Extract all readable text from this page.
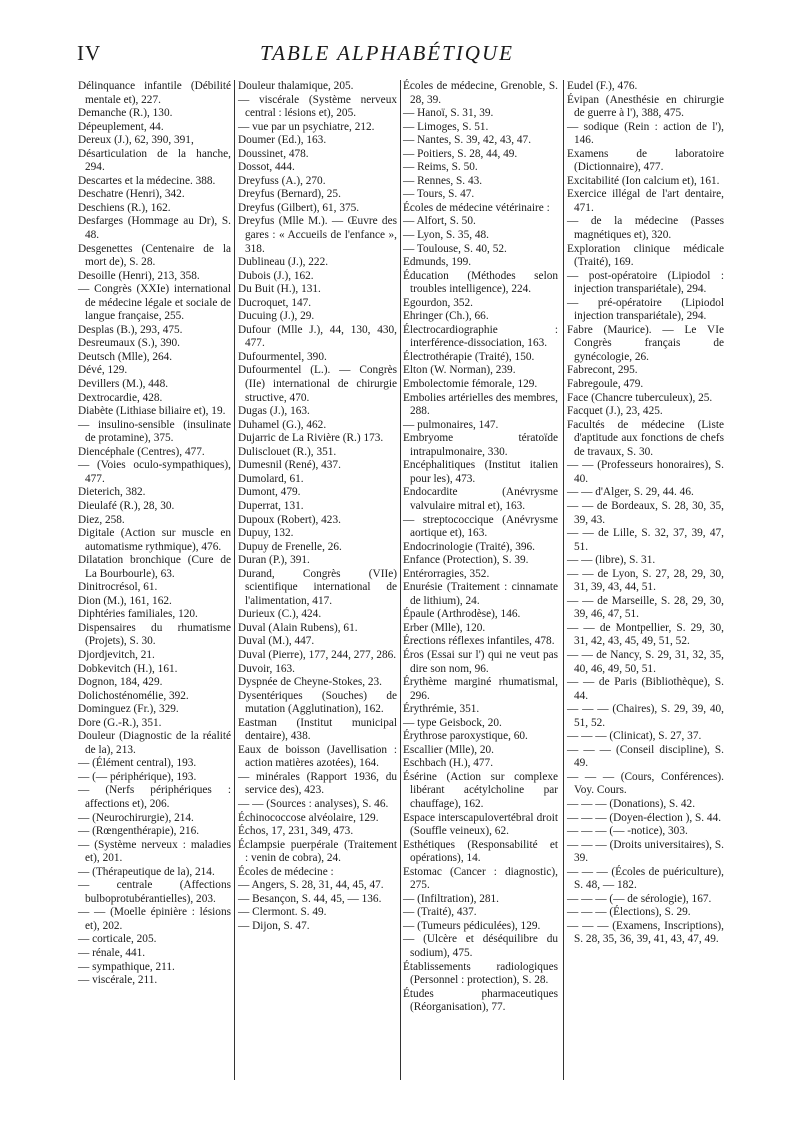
IV	TABLE ALPHABÉTIQUE
Délinquance infantile (Débilité mentale et), 227.
Demanche (R.), 130.
Dépeuplement, 44.
Dereux (J.), 62, 390, 391,
Désarticulation de la hanche, 294.
Descartes et la médecine. 388.
Deschatre (Henri), 342.
Deschiens (R.), 162.
Desfarges (Hommage au Dr), S. 48.
Desgenettes (Centenaire de la mort de), S. 28.
Desoille (Henri), 213, 358.
— Congrès (XXIe) international de médecine légale et sociale de langue française, 255.
Desplas (B.), 293, 475.
Desreumaux (S.), 390.
Deutsch (Mlle), 264.
Dévé, 129.
Devillers (M.), 448.
Dextrocardie, 428.
Diabète (Lithiase biliaire et), 19.
— insulino-sensible (insulinate de protamine), 375.
Diencéphale (Centres), 477.
— (Voies oculo-sympathiques), 477.
Dieterich, 382.
Dieulafé (R.), 28, 30.
Diez, 258.
Digitale (Action sur muscle en automatisme rythmique), 476.
Dilatation bronchique (Cure de La Bourbourle), 63.
Dinitrocrésol, 61.
Dion (M.), 161, 162.
Diphtéries familiales, 120.
Dispensaires du rhumatisme (Projets), S. 30.
Djordjevitch, 21.
Dobkevitch (H.), 161.
Dognon, 184, 429.
Dolichosténomélie, 392.
Dominguez (Fr.), 329.
Dore (G.-R.), 351.
Douleur (Diagnostic de la réalité de la), 213.
— (Élément central), 193.
— (— périphérique), 193.
— (Nerfs périphériques : affections et), 206.
— (Neurochirurgie), 214.
— (Rœngenthérapie), 216.
— (Système nerveux : maladies et), 201.
— (Thérapeutique de la), 214.
— centrale (Affections bulboprotubérantielles), 203.
— — (Moelle épinière : lésions et), 202.
— corticale, 205.
— rénale, 441.
— sympathique, 211.
— viscérale, 211.
Douleur thalamique, 205.
— viscérale (Système nerveux central : lésions et), 205.
— vue par un psychiatre, 212.
Doumer (Ed.), 163.
Doussinet, 478.
Dossot, 444.
Dreyfuss (A.), 270.
Dreyfus (Bernard), 25.
Dreyfus (Gilbert), 61, 375.
Dreyfus (Mlle M.). — Œuvre des gares : « Accueils de l'enfance », 318.
Dublineau (J.), 222.
Dubois (J.), 162.
Du Buit (H.), 131.
Ducroquet, 147.
Ducuing (J.), 29.
Dufour (Mlle J.), 44, 130, 430, 477.
Dufourmentel, 390.
Dufourmentel (L.). — Congrès (IIe) international de chirurgie structive, 470.
Dugas (J.), 163.
Duhamel (G.), 462.
Dujarric de La Rivière (R.) 173.
Dulisclouet (R.), 351.
Dumesnil (René), 437.
Dumolard, 61.
Dumont, 479.
Duperrat, 131.
Dupoux (Robert), 423.
Dupuy, 132.
Dupuy de Frenelle, 26.
Duran (P.), 391.
Durand, Congrès (VIIe) scientifique international de l'alimentation, 417.
Durieux (C.), 424.
Duval (Alain Rubens), 61.
Duval (M.), 447.
Duval (Pierre), 177, 244, 277, 286.
Duvoir, 163.
Dyspnée de Cheyne-Stokes, 23.
Dysentériques (Souches) de mutation (Agglutination), 162.
Eastman (Institut municipal dentaire), 438.
Eaux de boisson (Javellisation : action matières azotées), 164.
— minérales (Rapport 1936, du service des), 423.
— — (Sources : analyses), S. 46.
Échinococcose alvéolaire, 129.
Échos, 17, 231, 349, 473.
Éclampsie puerpérale (Traitement : venin de cobra), 24.
Écoles de médecine :
— Angers, S. 28, 31, 44, 45, 47.
— Besançon, S. 44, 45, — 136.
— Clermont. S. 49.
— Dijon, S. 47.
Écoles de médecine, Grenoble, S. 28, 39.
— Hanoï, S. 31, 39.
— Limoges, S. 51.
— Nantes, S. 39, 42, 43, 47.
— Poitiers, S. 28, 44, 49.
— Reims, S. 50.
— Rennes, S. 43.
— Tours, S. 47.
Écoles de médecine vétérinaire :
— Alfort, S. 50.
— Lyon, S. 35, 48.
— Toulouse, S. 40, 52.
Edmunds, 199.
Éducation (Méthodes selon troubles intelligence), 224.
Egourdon, 352.
Ehringer (Ch.), 66.
Électrocardiographie : interférence-dissociation, 163.
Électrothérapie (Traité), 150.
Elton (W. Norman), 239.
Embolectomie fémorale, 129.
Embolies artérielles des membres, 288.
— pulmonaires, 147.
Embryome tératoïde intrapulmonaire, 330.
Encéphalitiques (Institut italien pour les), 473.
Endocardite (Anévrysme valvulaire mitral et), 163.
— streptococcique (Anévrysme aortique et), 163.
Endocrinologie (Traité), 396.
Enfance (Protection), S. 39.
Entérorragies, 352.
Enurésie (Traitement : cinnamate de lithium), 24.
Épaule (Arthrodèse), 146.
Erber (Mlle), 120.
Érections réflexes infantiles, 478.
Éros (Essai sur l') qui ne veut pas dire son nom, 96.
Érythème marginé rhumatismal, 296.
Érythrémie, 351.
— type Geisbock, 20.
Érythrose paroxystique, 60.
Escallier (Mlle), 20.
Eschbach (H.), 477.
Ésérine (Action sur complexe libérant acétylcholine par chauffage), 162.
Espace interscapulovertébral droit (Souffle veineux), 62.
Esthétiques (Responsabilité et opérations), 14.
Estomac (Cancer : diagnostic), 275.
— (Infiltration), 281.
— (Traité), 437.
— (Tumeurs pédiculées), 129.
— (Ulcère et déséquilibre du sodium), 475.
Établissements radiologiques (Personnel : protection), S. 28.
Études pharmaceutiques (Réorganisation), 77.
Eudel (F.), 476.
Évipan (Anesthésie en chirurgie de guerre à l'), 388, 475.
— sodique (Rein : action de l'), 146.
Examens de laboratoire (Dictionnaire), 477.
Excitabilité (Ion calcium et), 161.
Exercice illégal de l'art dentaire, 471.
— de la médecine (Passes magnétiques et), 320.
Exploration clinique médicale (Traité), 169.
— post-opératoire (Lipiodol : injection transpariétale), 294.
— pré-opératoire (Lipiodol injection transpariétale), 294.
Fabre (Maurice). — Le VIe Congrès français de gynécologie, 26.
Fabrecont, 295.
Fabregoule, 479.
Face (Chancre tuberculeux), 25.
Facquet (J.), 23, 425.
Facultés de médecine (Liste d'aptitude aux fonctions de chefs de travaux, S. 30.
— — (Professeurs honoraires), S. 40.
— — d'Alger, S. 29, 44. 46.
— — de Bordeaux, S. 28, 30, 35, 39, 43.
— — de Lille, S. 32, 37, 39, 47, 51.
— — (libre), S. 31.
— — de Lyon, S. 27, 28, 29, 30, 31, 39, 43, 44, 51.
— — de Marseille, S. 28, 29, 30, 39, 46, 47, 51.
— — de Montpellier, S. 29, 30, 31, 42, 43, 45, 49, 51, 52.
— — de Nancy, S. 29, 31, 32, 35, 40, 46, 49, 50, 51.
— — de Paris (Bibliothèque), S. 44.
— — — (Chaires), S. 29, 39, 40, 51, 52.
— — — (Clinicat), S. 27, 37.
— — — (Conseil discipline), S. 49.
— — — (Cours, Conférences). Voy. Cours.
— — — (Donations), S. 42.
— — — (Doyen-élection ), S. 44.
— — — (— -notice), 303.
— — — (Droits universitaires), S. 39.
— — — (Écoles de puériculture), S. 48, — 182.
— — — (— de sérologie), 167.
— — — (Élections), S. 29.
— — — (Examens, Inscriptions), S. 28, 35, 36, 39, 41, 43, 47, 49.
